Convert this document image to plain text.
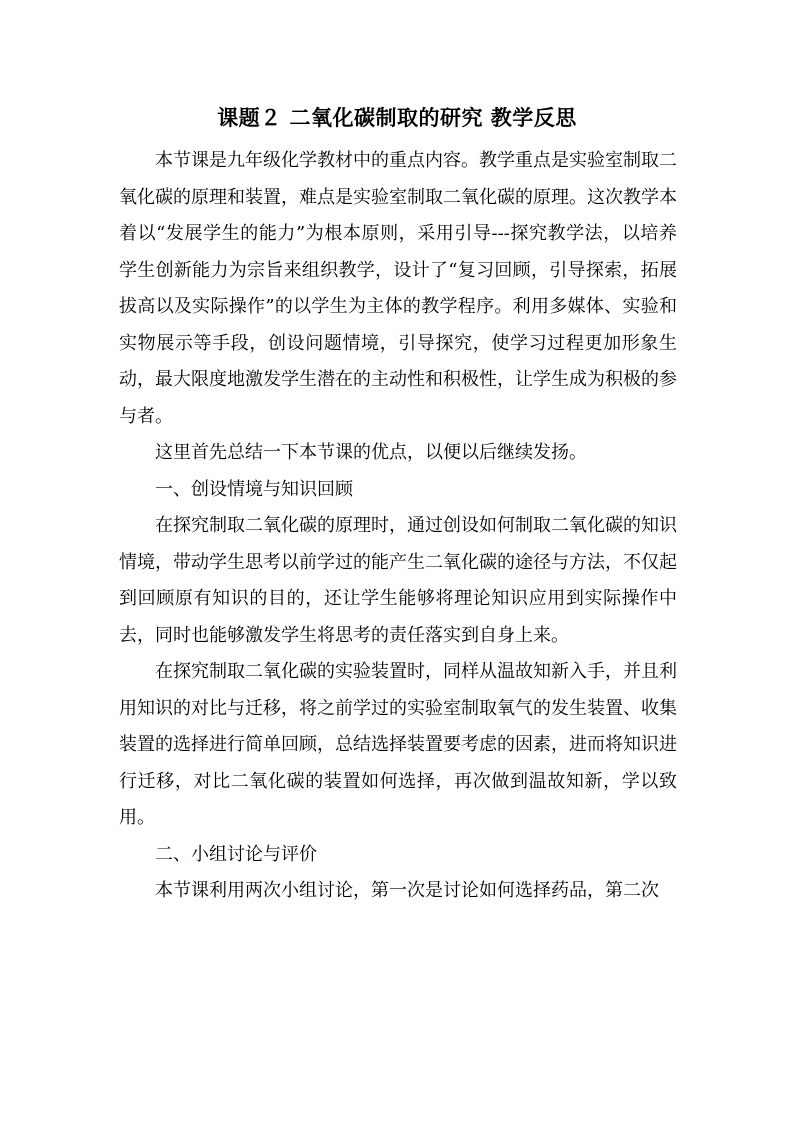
课题２ 二氧化碳制取的研究 教学反思

本节课是九年级化学教材中的重点内容。教学重点是实验室制取二氧化碳的原理和装置，难点是实验室制取二氧化碳的原理。这次教学本着以“发展学生的能力”为根本原则，采用引导---探究教学法，以培养学生创新能力为宗旨来组织教学，设计了“复习回顾，引导探索，拓展拔高以及实际操作”的以学生为主体的教学程序。利用多媒体、实验和实物展示等手段，创设问题情境，引导探究，使学习过程更加形象生动，最大限度地激发学生潜在的主动性和积极性，让学生成为积极的参与者。

这里首先总结一下本节课的优点，以便以后继续发扬。

一、创设情境与知识回顾

在探究制取二氧化碳的原理时，通过创设如何制取二氧化碳的知识情境，带动学生思考以前学过的能产生二氧化碳的途径与方法，不仅起到回顾原有知识的目的，还让学生能够将理论知识应用到实际操作中去，同时也能够激发学生将思考的责任落实到自身上来。

在探究制取二氧化碳的实验装置时，同样从温故知新入手，并且利用知识的对比与迁移，将之前学过的实验室制取氧气的发生装置、收集装置的选择进行简单回顾，总结选择装置要考虑的因素，进而将知识进行迁移，对比二氧化碳的装置如何选择，再次做到温故知新，学以致用。

二、小组讨论与评价

本节课利用两次小组讨论，第一次是讨论如何选择药品，第二次
